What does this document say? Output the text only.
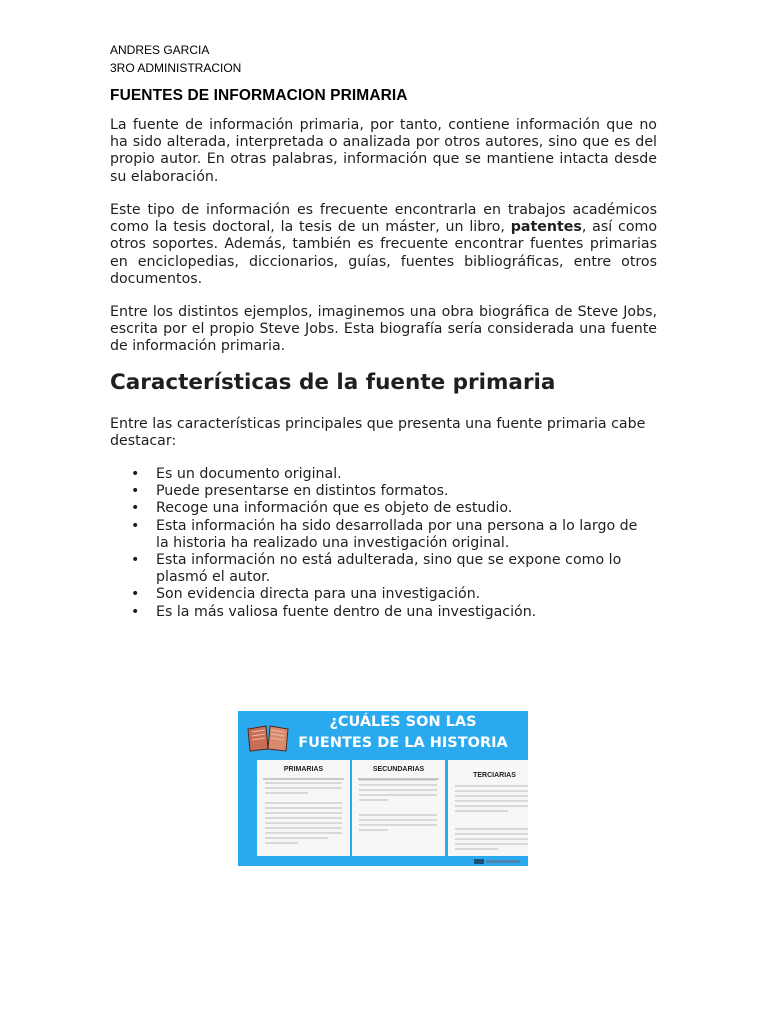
ANDRES GARCIA
3RO ADMINISTRACION
FUENTES DE INFORMACION PRIMARIA

La fuente de información primaria, por tanto, contiene información que no ha sido alterada, interpretada o analizada por otros autores, sino que es del propio autor. En otras palabras, información que se mantiene intacta desde su elaboración.

Este tipo de información es frecuente encontrarla en trabajos académicos como la tesis doctoral, la tesis de un máster, un libro, patentes, así como otros soportes. Además, también es frecuente encontrar fuentes primarias en enciclopedias, diccionarios, guías, fuentes bibliográficas, entre otros documentos.

Entre los distintos ejemplos, imaginemos una obra biográfica de Steve Jobs, escrita por el propio Steve Jobs. Esta biografía sería considerada una fuente de información primaria.

Características de la fuente primaria

Entre las características principales que presenta una fuente primaria cabe destacar:

• Es un documento original.
• Puede presentarse en distintos formatos.
• Recoge una información que es objeto de estudio.
• Esta información ha sido desarrollada por una persona a lo largo de la historia ha realizado una investigación original.
• Esta información no está adulterada, sino que se expone como lo plasmó el autor.
• Son evidencia directa para una investigación.
• Es la más valiosa fuente dentro de una investigación.
¿CUÁLES SON LAS
FUENTES DE LA HISTORIA
PRIMARIAS	SECUNDARIAS
TERCIARIAS
